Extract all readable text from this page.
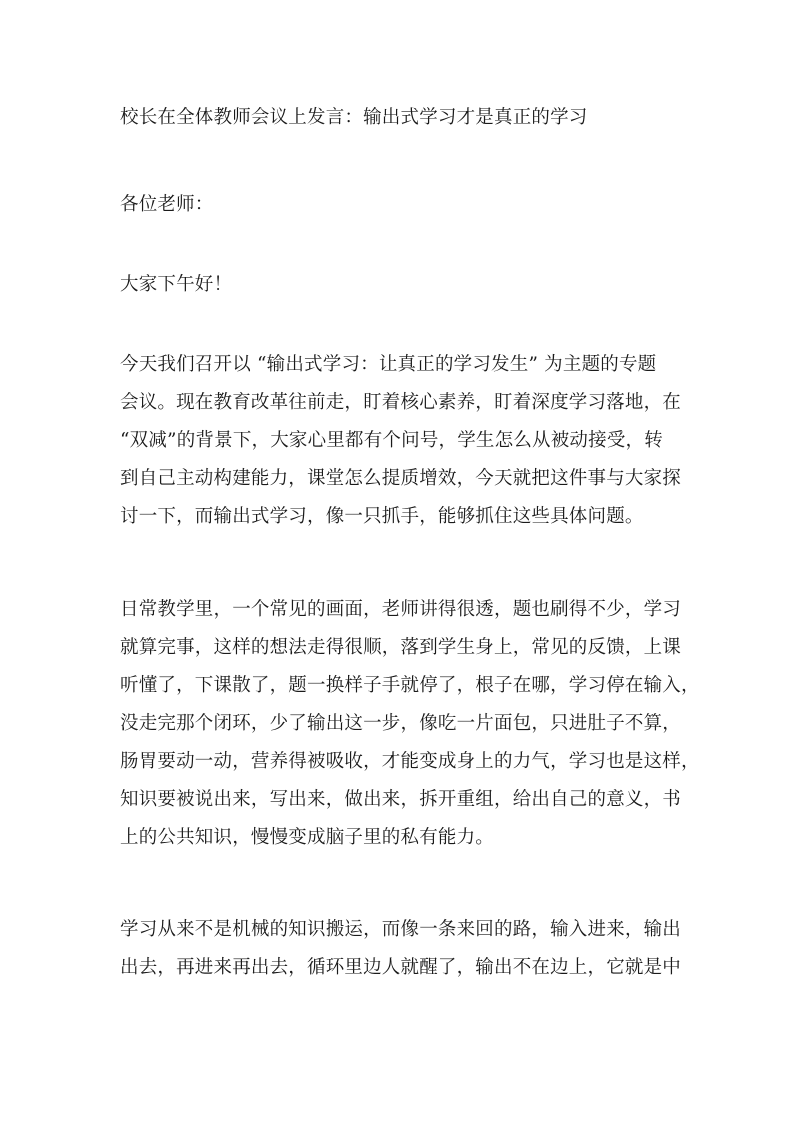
校长在全体教师会议上发言：输出式学习才是真正的学习
各位老师：
大家下午好！
今天我们召开以 “输出式学习：让真正的学习发生” 为主题的专题
会议。现在教育改革往前走，盯着核心素养，盯着深度学习落地，在
“双减”的背景下，大家心里都有个问号，学生怎么从被动接受，转
到自己主动构建能力，课堂怎么提质增效，今天就把这件事与大家探
讨一下，而输出式学习，像一只抓手，能够抓住这些具体问题。
日常教学里，一个常见的画面，老师讲得很透，题也刷得不少，学习
就算完事，这样的想法走得很顺，落到学生身上，常见的反馈，上课
听懂了，下课散了，题一换样子手就停了，根子在哪，学习停在输入，
没走完那个闭环，少了输出这一步，像吃一片面包，只进肚子不算，
肠胃要动一动，营养得被吸收，才能变成身上的力气，学习也是这样，
知识要被说出来，写出来，做出来，拆开重组，给出自己的意义，书
上的公共知识，慢慢变成脑子里的私有能力。
学习从来不是机械的知识搬运，而像一条来回的路，输入进来，输出
出去，再进来再出去，循环里边人就醒了，输出不在边上，它就是中
